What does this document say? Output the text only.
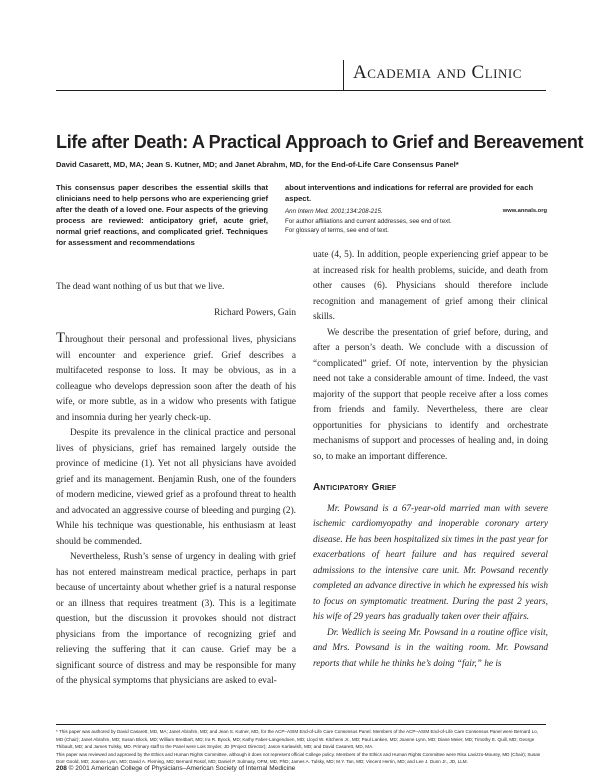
Academia and Clinic
Life after Death: A Practical Approach to Grief and Bereavement
David Casarett, MD, MA; Jean S. Kutner, MD; and Janet Abrahm, MD, for the End-of-Life Care Consensus Panel*
This consensus paper describes the essential skills that clinicians need to help persons who are experiencing grief after the death of a loved one. Four aspects of the grieving process are reviewed: anticipatory grief, acute grief, normal grief reactions, and complicated grief. Techniques for assessment and recommendations
about interventions and indications for referral are provided for each aspect.
Ann Intern Med. 2001;134:208-215.	www.annals.org
For author affiliations and current addresses, see end of text.
For glossary of terms, see end of text.

The dead want nothing of us but that we live.

Richard Powers, Gain

Throughout their personal and professional lives, physicians will encounter and experience grief. Grief describes a multifaceted response to loss. It may be obvious, as in a colleague who develops depression soon after the death of his wife, or more subtle, as in a widow who presents with fatigue and insomnia during her yearly check-up.

Despite its prevalence in the clinical practice and personal lives of physicians, grief has remained largely outside the province of medicine (1). Yet not all physicians have avoided grief and its management. Benjamin Rush, one of the founders of modern medicine, viewed grief as a profound threat to health and advocated an aggressive course of bleeding and purging (2). While his technique was questionable, his enthusiasm at least should be commended.

Nevertheless, Rush’s sense of urgency in dealing with grief has not entered mainstream medical practice, perhaps in part because of uncertainty about whether grief is a natural response or an illness that requires treatment (3). This is a legitimate question, but the discussion it provokes should not distract physicians from the importance of recognizing grief and relieving the suffering that it can cause. Grief may be a significant source of distress and may be responsible for many of the physical symptoms that physicians are asked to eval-

uate (4, 5). In addition, people experiencing grief appear to be at increased risk for health problems, suicide, and death from other causes (6). Physicians should therefore include recognition and management of grief among their clinical skills.

We describe the presentation of grief before, during, and after a person’s death. We conclude with a discussion of “complicated” grief. Of note, intervention by the physician need not take a considerable amount of time. Indeed, the vast majority of the support that people receive after a loss comes from friends and family. Nevertheless, there are clear opportunities for physicians to identify and orchestrate mechanisms of support and processes of healing and, in doing so, to make an important difference.

Anticipatory Grief

Mr. Powsand is a 67-year-old married man with severe ischemic cardiomyopathy and inoperable coronary artery disease. He has been hospitalized six times in the past year for exacerbations of heart failure and has required several admissions to the intensive care unit. Mr. Powsand recently completed an advance directive in which he expressed his wish to focus on symptomatic treatment. During the past 2 years, his wife of 29 years has gradually taken over their affairs.

Dr. Wedlich is seeing Mr. Powsand in a routine office visit, and Mrs. Powsand is in the waiting room. Mr. Powsand reports that while he thinks he’s doing “fair,” he is

* This paper was authored by David Casarett, MD, MA; Janet Abrahm, MD; and Jean S. Kutner, MD, for the ACP–ASIM End-of-Life Care Consensus Panel. Members of the ACP–ASIM End-of-Life Care Consensus Panel were Bernard Lo, MD (Chair); Janet Abrahm, MD; Susan Block, MD; William Breitbart, MD; Ira R. Byock, MD; Kathy Faber-Langendoen, MD; Lloyd W. Kitchens Jr., MD; Paul Lanken, MD; Joanne Lynn, MD; Diane Meier, MD; Timothy E. Quill, MD; George Thibault, MD; and James Tulsky, MD. Primary staff to the Panel were Lois Snyder, JD (Project Director); Jason Karlawish, MD; and David Casarett, MD, MA.
This paper was reviewed and approved by the Ethics and Human Rights Committee, although it does not represent official College policy. Members of the Ethics and Human Rights Committee were Risa Lavizzo-Mourey, MD (Chair); Susan Dorr Goold, MD; Joanne Lynn, MD; David A. Fleming, MD; Bernard Rosof, MD; Daniel P. Sulmasy, OFM, MD, PhD; James A. Tulsky, MD; M.Y. Tan, MD; Vincent Herrin, MD; and Lee J. Dunn Jr., JD, LLM.
208 © 2001 American College of Physicians–American Society of Internal Medicine
